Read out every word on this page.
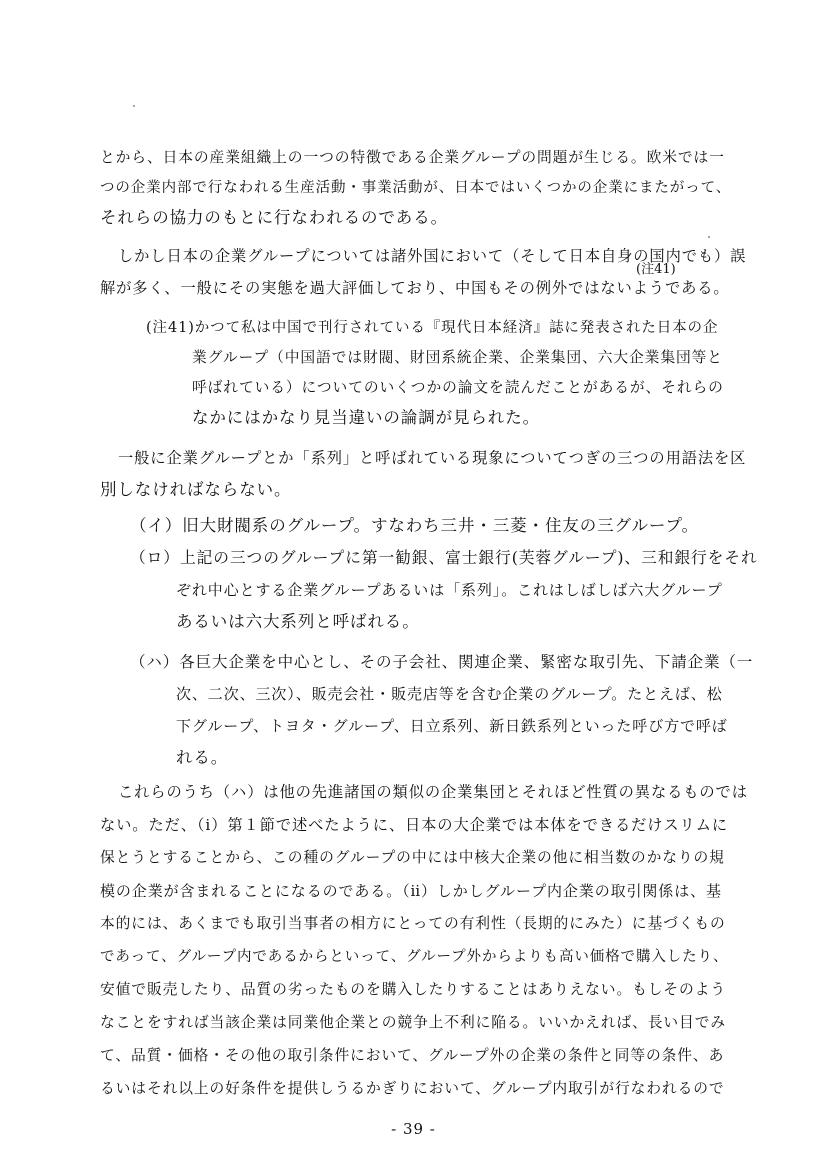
とから、日本の産業組織上の一つの特徴である企業グループの問題が生じる。欧米では一
つの企業内部で行なわれる生産活動・事業活動が、日本ではいくつかの企業にまたがって、
それらの協力のもとに行なわれるのである。
しかし日本の企業グループについては諸外国において（そして日本自身の国内でも）誤
(注41)
解が多く、一般にその実態を過大評価しており、中国もその例外ではないようである。
(注41)かつて私は中国で刊行されている『現代日本経済』誌に発表された日本の企
業グループ（中国語では財閥、財団系統企業、企業集団、六大企業集団等と
呼ばれている）についてのいくつかの論文を読んだことがあるが、それらの
なかにはかなり見当違いの論調が見られた。
一般に企業グループとか「系列」と呼ばれている現象についてつぎの三つの用語法を区
別しなければならない。
（イ）旧大財閥系のグループ。すなわち三井・三菱・住友の三グループ。
（ロ）上記の三つのグループに第一勧銀、富士銀行(芙蓉グループ)、三和銀行をそれ
ぞれ中心とする企業グループあるいは「系列」。これはしばしば六大グループ
あるいは六大系列と呼ばれる。
（ハ）各巨大企業を中心とし、その子会社、関連企業、緊密な取引先、下請企業（一
次、二次、三次）、販売会社・販売店等を含む企業のグループ。たとえば、松
下グループ、トヨタ・グループ、日立系列、新日鉄系列といった呼び方で呼ば
れる。
これらのうち（ハ）は他の先進諸国の類似の企業集団とそれほど性質の異なるものでは
ない。ただ、（ⅰ）第１節で述べたように、日本の大企業では本体をできるだけスリムに
保とうとすることから、この種のグループの中には中核大企業の他に相当数のかなりの規
模の企業が含まれることになるのである。（ⅱ）しかしグループ内企業の取引関係は、基
本的には、あくまでも取引当事者の相方にとっての有利性（長期的にみた）に基づくもの
であって、グループ内であるからといって、グループ外からよりも高い価格で購入したり、
安値で販売したり、品質の劣ったものを購入したりすることはありえない。もしそのよう
なことをすれば当該企業は同業他企業との競争上不利に陥る。いいかえれば、長い目でみ
て、品質・価格・その他の取引条件において、グループ外の企業の条件と同等の条件、あ
るいはそれ以上の好条件を提供しうるかぎりにおいて、グループ内取引が行なわれるので
- 39 -
